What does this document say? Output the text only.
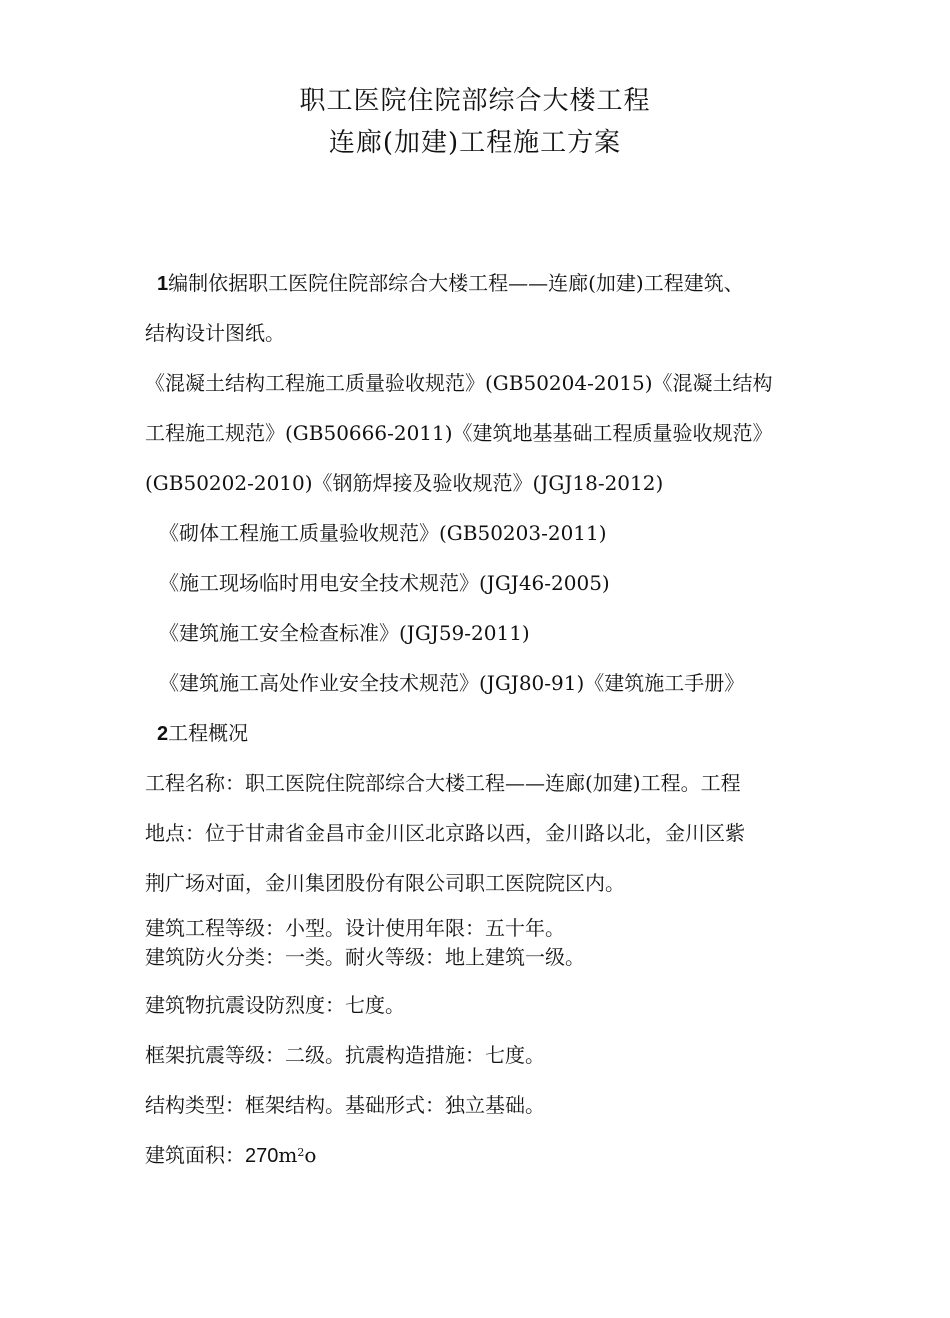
职工医院住院部综合大楼工程
连廊(加建)工程施工方案
1编制依据职工医院住院部综合大楼工程——连廊(加建)工程建筑、
结构设计图纸。
《混凝土结构工程施工质量验收规范》(GB50204-2015)《混凝土结构
工程施工规范》(GB50666-2011)《建筑地基基础工程质量验收规范》
(GB50202-2010)《钢筋焊接及验收规范》(JGJ18-2012)
《砌体工程施工质量验收规范》(GB50203-2011)
《施工现场临时用电安全技术规范》(JGJ46-2005)
《建筑施工安全检查标准》(JGJ59-2011)
《建筑施工高处作业安全技术规范》(JGJ80-91)《建筑施工手册》
2工程概况
工程名称：职工医院住院部综合大楼工程——连廊(加建)工程。工程
地点：位于甘肃省金昌市金川区北京路以西，金川路以北，金川区紫
荆广场对面，金川集团股份有限公司职工医院院区内。
建筑工程等级：小型。设计使用年限：五十年。
建筑防火分类：一类。耐火等级：地上建筑一级。
建筑物抗震设防烈度：七度。
框架抗震等级：二级。抗震构造措施：七度。
结构类型：框架结构。基础形式：独立基础。
建筑面积：$270m^2o$
